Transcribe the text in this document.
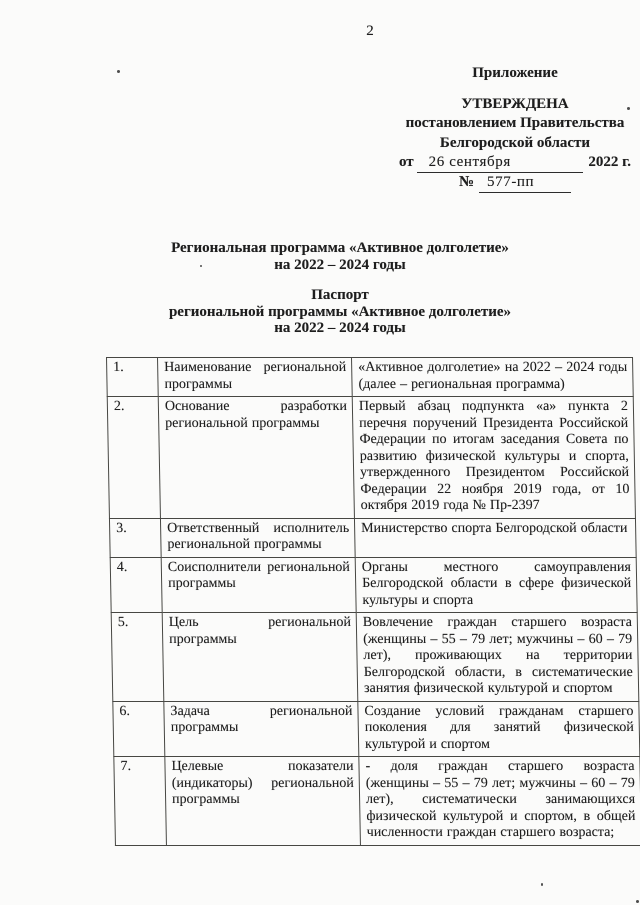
2
Приложение
УТВЕРЖДЕНА
постановлением Правительства
Белгородской области
от	26 сентября	2022 г.
№ 577-пп
Региональная программа «Активное долголетие»
на 2022 – 2024 годы
Паспорт
региональной программы «Активное долголетие»
на 2022 – 2024 годы
1.	Наименование региональной программы	«Активное долголетие» на 2022 – 2024 годы (далее – региональная программа)
2.	Основание разработки региональной программы	Первый абзац подпункта «а» пункта 2 перечня поручений Президента Российской Федерации по итогам заседания Совета по развитию физической культуры и спорта, утвержденного Президентом Российской Федерации 22 ноября 2019 года, от 10 октября 2019 года № Пр-2397
3.	Ответственный исполнитель региональной программы	Министерство спорта Белгородской области
4.	Соисполнители региональной программы	Органы местного самоуправления Белгородской области в сфере физической культуры и спорта
5.	Цель региональной программы	Вовлечение граждан старшего возраста (женщины – 55 – 79 лет; мужчины – 60 – 79 лет), проживающих на территории Белгородской области, в систематические занятия физической культурой и спортом
6.	Задача региональной программы	Создание условий гражданам старшего поколения для занятий физической культурой и спортом
7.	Целевые показатели (индикаторы) региональной программы	- доля граждан старшего возраста (женщины – 55 – 79 лет; мужчины – 60 – 79 лет), систематически занимающихся физической культурой и спортом, в общей численности граждан старшего возраста;
